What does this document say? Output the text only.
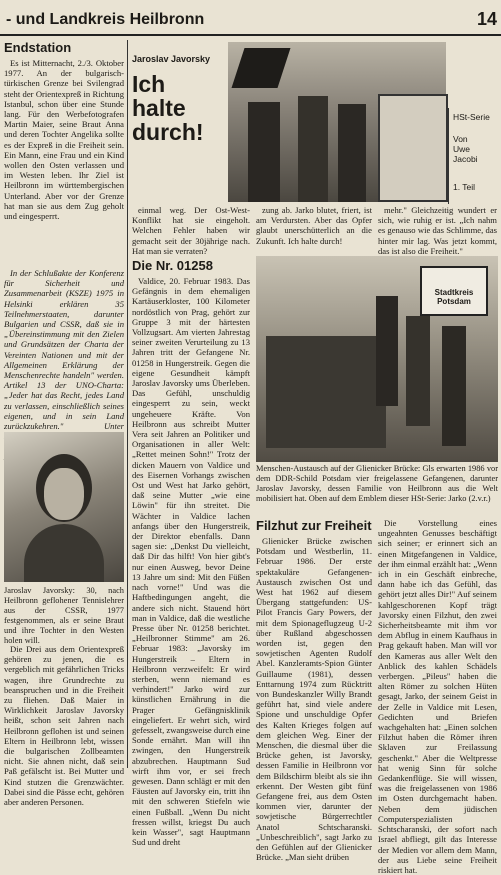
- und Landkreis Heilbronn	14
Endstation

Es ist Mitternacht, 2./3. Oktober 1977. An der bulgarisch-türkischen Grenze bei Svilengrad steht der Orientexpreß in Richtung Istanbul, schon über eine Stunde lang. Für den Werbefotografen Martin Maier, seine Braut Anna und deren Tochter Angelika sollte es der Expreß in die Freiheit sein. Ein Mann, eine Frau und ein Kind wollen den Osten verlassen und im Westen leben. Ihr Ziel ist Heilbronn im württembergischen Unterland. Aber vor der Grenze hat man sie aus dem Zug geholt und eingesperrt.

In der Schlußakte der Konferenz für Sicherheit und Zusammenarbeit (KSZE) 1975 in Helsinki erklären 35 Teilnehmerstaaten, darunter Bulgarien und CSSR, daß sie in „Übereinstimmung mit den Zielen und Grundsätzen der Charta der Vereinten Nationen und mit der Allgemeinen Erklärung der Menschenrechte handeln" werden. Artikel 13 der UNO-Charta: „Jeder hat das Recht, jedes Land zu verlassen, einschließlich seines eigenen, und in sein Land zurückzukehren." Unter

Jaroslav Javorsky: 30, nach Heilbronn geflohener Tennislehrer aus der CSSR, 1977 festgenommen, als er seine Braut und ihre Tochter in den Westen holen will.

Die Drei aus dem Orientexpreß gehören zu jenen, die es vergeblich mit gefährlichen Tricks wagen, ihre Grundrechte zu beanspruchen und in die Freiheit zu fliehen. Daß Maier in Wirklichkeit Jaroslav Javorsky heißt, schon seit Jahren nach Heilbronn geflohen ist und seinen Eltern in Heilbronn lebt, wissen die bulgarischen Zollbeamten nicht. Sie ahnen nicht, daß sein Paß gefälscht ist. Bei Mutter und Kind stutzen die Grenzwächter. Dabei sind die Pässe echt, gehören aber anderen Personen.

Jaroslav Javorsky
Ich halte durch!
HSt-Serie
Von
Uwe
Jacobi
1. Teil

einmal weg. Der Ost-West-Konflikt hat sie eingeholt. Welchen Fehler haben wir gemacht seit der 30jährige nach. Hat man sie verraten?

zung ab. Jarko blutet, friert, ist am Verdursten. Aber das Opfer glaubt unerschütterlich an die Zukunft. Ich halte durch!

mehr." Gleichzeitig wundert er sich, wie ruhig er ist. „Ich nahm es genauso wie das Schlimme, das hinter mir lag. Was jetzt kommt, das ist also die Freiheit."

Die Nr. 01258

Valdice, 20. Februar 1983. Das Gefängnis in dem ehemaligen Kartäuserkloster, 100 Kilometer nordöstlich von Prag, gehört zur Gruppe 3 mit der härtesten Vollzugsart. Am vierten Jahrestag seiner zweiten Verurteilung zu 13 Jahren tritt der Gefangene Nr. 01258 in Hungerstreik. Gegen die eigene Gesundheit kämpft Jaroslav Javorsky ums Überleben. Das Gefühl, unschuldig eingesperrt zu sein, weckt ungeheuere Kräfte. Von Heilbronn aus schreibt Mutter Vera seit Jahren an Politiker und Organisationen in aller Welt: „Rettet meinen Sohn!" Trotz der dicken Mauern von Valdice und des Eisernen Vorhangs zwischen Ost und West hat Jarko gehört, daß seine Mutter „wie eine Löwin" für ihn streitet. Die Wächter in Valdice lachen anfangs über den Hungerstreik, der Direktor ebenfalls. Dann sagen sie: „Denkst Du vielleicht, daß Dir das hilft! Von hier gibt's nur einen Ausweg, bevor Deine 13 Jahre um sind: Mit den Füßen nach vorne!" Und was die Haftbedingungen angeht, die andere sich nicht. Stauend hört man in Valdice, daß die westliche Presse über Nr. 01258 berichtet. „Heilbronner Stimme" am 26. Februar 1983: „Javorsky im Hungerstreik – Eltern in Heilbronn verzweifelt: Er wird sterben, wenn niemand es verhindert!" Jarko wird zur künstlichen Ernährung in die Prager Gefängnisklinik eingeliefert. Er wehrt sich, wird gefesselt, zwangsweise durch eine Sonde ernährt. Man will ihn zwingen, den Hungerstreik abzubrechen. Hauptmann Sud wirft ihm vor, er sei frech gewesen. Dann schlägt er mit den Fäusten auf Javorsky ein, tritt ihn mit den schweren Stiefeln wie einen Fußball. „Wenn Du nicht fressen willst, kriegst Du auch kein Wasser", sagt Hauptmann Sud und dreht

Stadtkreis
Potsdam
Menschen-Austausch auf der Glienicker Brücke: Gls erwarten 1986 vor dem DDR-Schild Potsdam vier freigelassene Gefangenen, darunter Jaroslav Javorsky, dessen Familie von Heilbronn aus die Welt mobilisiert hat. Oben auf dem Emblem dieser HSt-Serie: Jarko (2.v.r.)
Filzhut zur Freiheit

Glienicker Brücke zwischen Potsdam und Westberlin, 11. Februar 1986. Der erste spektakuläre Gefangenen-Austausch zwischen Ost und West hat 1962 auf diesem Übergang stattgefunden: US-Pilot Francis Gary Powers, der mit dem Spionageflugzeug U-2 über Rußland abgeschossen worden ist, gegen den sowjetischen Agenten Rudolf Abel. Kanzleramts-Spion Günter Guillaume (1981), dessen Enttarnung 1974 zum Rücktritt von Bundeskanzler Willy Brandt geführt hat, sind viele andere Spione und unschuldige Opfer des Kalten Krieges folgen auf dem gleichen Weg. Einer der Menschen, die diesmal über die Brücke gehen, ist Javorsky, dessen Familie in Heilbronn vor dem Bildschirm bleibt als sie ihn erkennt. Der Westen gibt fünf Gefangene frei, aus dem Osten kommen vier, darunter der sowjetische Bürgerrechtler Anatol Schtscharanski. „Unbeschreiblich", sagt Jarko zu den Gefühlen auf der Glienicker Brücke. „Man sieht drüben

Die Vorstellung eines ungeahnten Genusses beschäftigt sich seiner; er erinnert sich an einen Mitgefangenen in Valdice, der ihm einmal erzählt hat: „Wenn ich in ein Geschäft einbreche, dann habe ich das Gefühl, das gehört jetzt alles Dir!" Auf seinem kahlgeschorenen Kopf trägt Javorsky einen Filzhut, den zwei Sicherheitsbeamte mit ihm vor dem Abflug in einem Kaufhaus in Prag gekauft haben. Man will vor den Kameras aus aller Welt den Anblick des kahlen Schädels verbergen. „Pileus" haben die alten Römer zu solchen Hüten gesagt, Jarko, der seinem Geist in der Zelle in Valdice mit Lesen, Gedichten und Briefen wachgehalten hat: „Einen solchen Filzhut haben die Römer ihren Sklaven zur Freilassung geschenkt." Aber die Weltpresse hat wenig Sinn für solche Gedankenflüge. Sie will wissen, was die freigelassenen von 1986 im Osten durchgemacht haben. Neben dem jüdischen Computerspezialisten Schtscharanski, der sofort nach Israel abfliegt, gilt das Interesse der Medien vor allem dem Mann, der aus Liebe seine Freiheit riskiert hat.
